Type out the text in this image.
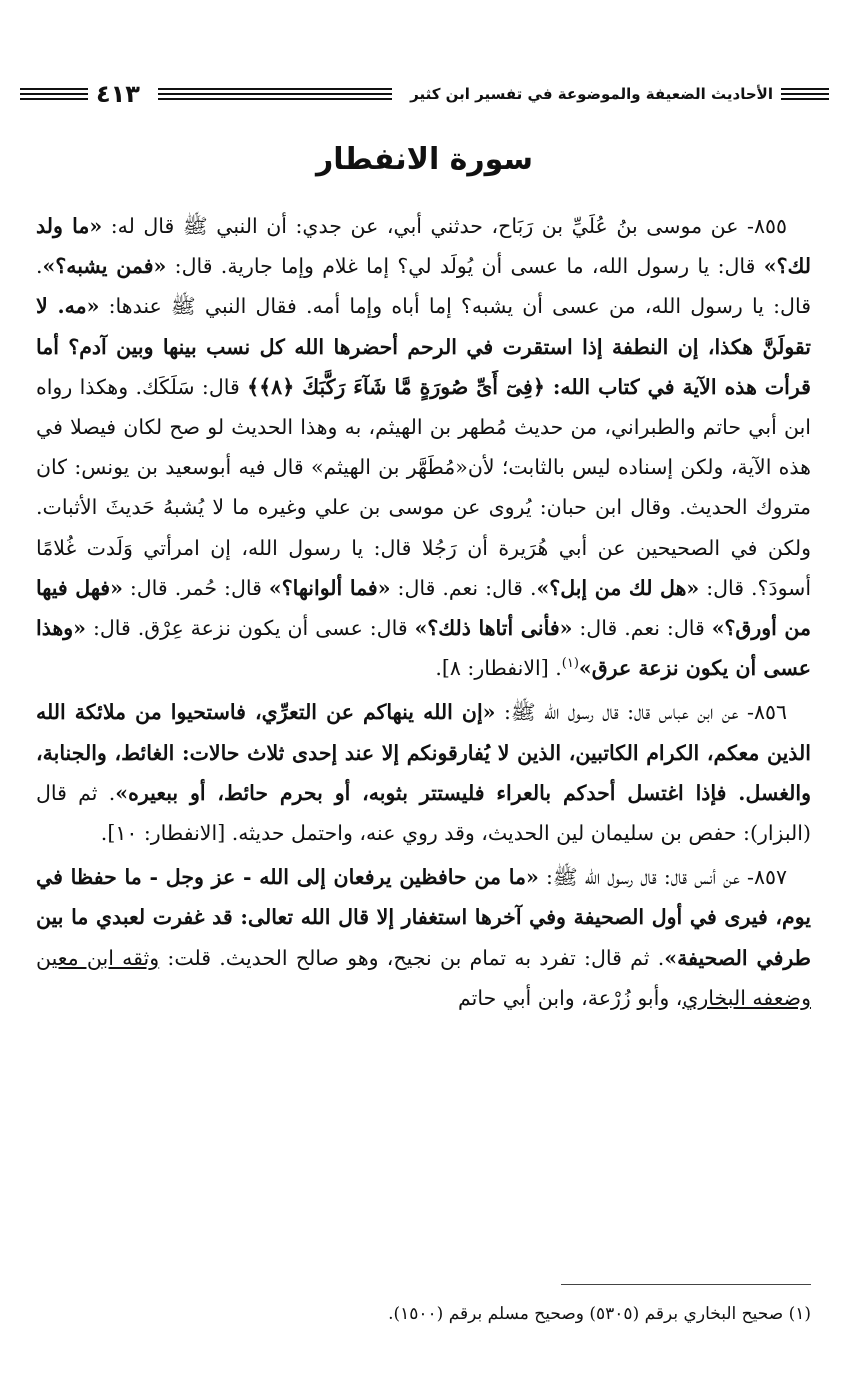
الأحاديث الضعيفة والموضوعة في تفسير ابن كثير
٤١٣
سورة الانفطار

٨٥٥- عن موسى بنُ عُلَيِّ بن رَبَاح، حدثني أبي، عن جدي: أن النبي ﷺ قال له: «ما ولد لك؟» قال: يا رسول الله، ما عسى أن يُولَد لي؟ إما غلام وإما جارية. قال: «فمن يشبه؟». قال: يا رسول الله، من عسى أن يشبه؟ إما أباه وإما أمه. فقال النبي ﷺ عندها: «مه. لا تقولَنَّ هكذا، إن النطفة إذا استقرت في الرحم أحضرها الله كل نسب بينها وبين آدم؟ أما قرأت هذه الآية في كتاب الله: ﴿فِىٓ أَىِّ صُورَةٍ مَّا شَآءَ رَكَّبَكَ ﴿٨﴾﴾ قال: سَلَكَك. وهكذا رواه ابن أبي حاتم والطبراني، من حديث مُطهر بن الهيثم، به وهذا الحديث لو صح لكان فيصلا في هذه الآية، ولكن إسناده ليس بالثابت؛ لأن«مُطَهَّر بن الهيثم» قال فيه أبوسعيد بن يونس: كان متروك الحديث. وقال ابن حبان: يُروى عن موسى بن علي وغيره ما لا يُشبهُ حَديثَ الأثبات. ولكن في الصحيحين عن أبي هُرَيرة أن رَجُلا قال: يا رسول الله، إن امرأتي وَلَدت غُلامًا أسودَ؟. قال: «هل لك من إبل؟». قال: نعم. قال: «فما ألوانها؟» قال: حُمر. قال: «فهل فيها من أورق؟» قال: نعم. قال: «فأنى أتاها ذلك؟» قال: عسى أن يكون نزعة عِرْق. قال: «وهذا عسى أن يكون نزعة عرق»$^{(١)}$. [الانفطار: ٨].

٨٥٦- عن ابن عباس قال: قال رسول الله ﷺ: «إن الله ينهاكم عن التعرِّي، فاستحيوا من ملائكة الله الذين معكم، الكرام الكاتبين، الذين لا يُفارقونكم إلا عند إحدى ثلاث حالات: الغائط، والجنابة، والغسل. فإذا اغتسل أحدكم بالعراء فليستتر بثوبه، أو بحرم حائط، أو ببعيره». ثم قال (البزار): حفص بن سليمان لين الحديث، وقد روي عنه، واحتمل حديثه. [الانفطار: ١٠].

٨٥٧- عن أنس قال: قال رسول الله ﷺ: «ما من حافظين يرفعان إلى الله - عز وجل - ما حفظا في يوم، فيرى في أول الصحيفة وفي آخرها استغفار إلا قال الله تعالى: قد غفرت لعبدي ما بين طرفي الصحيفة». ثم قال: تفرد به تمام بن نجيح، وهو صالح الحديث. قلت: وثقه ابن معين وضعفه البخاري، وأبو زُرْعة، وابن أبي حاتم

(١) صحيح البخاري برقم (٥٣٠٥) وصحيح مسلم برقم (١٥٠٠).
